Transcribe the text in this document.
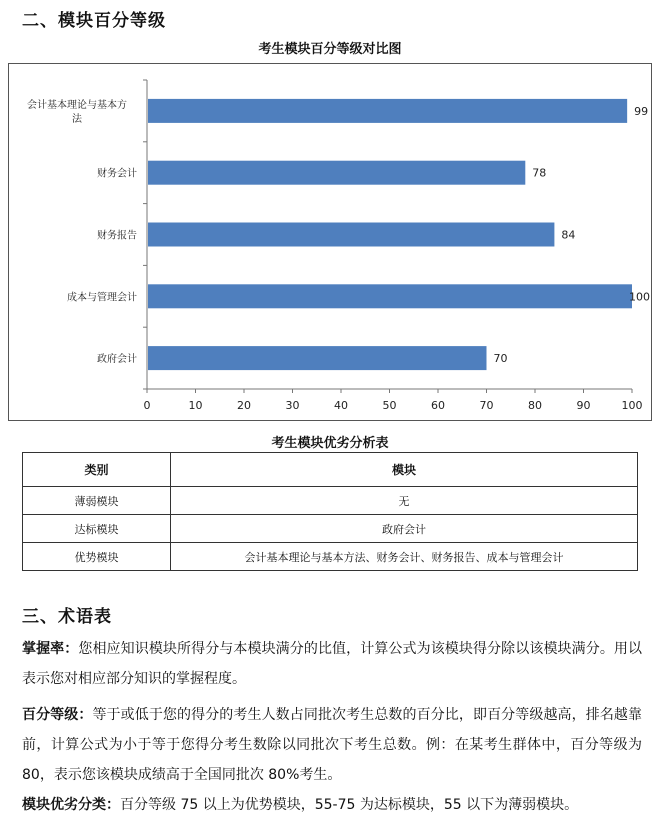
二、模块百分等级
考生模块百分等级对比图
0	10	20	30	40	50	60	70	80	90	100
99
会计基本理论与基本方法
78
财务会计
84
财务报告
100
成本与管理会计
70
政府会计
考生模块优劣分析表
类别	模块
薄弱模块	无
达标模块	政府会计
优势模块	会计基本理论与基本方法、财务会计、财务报告、成本与管理会计
三、术语表

掌握率：您相应知识模块所得分与本模块满分的比值，计算公式为该模块得分除以该模块满分。用以表示您对相应部分知识的掌握程度。

百分等级：等于或低于您的得分的考生人数占同批次考生总数的百分比，即百分等级越高，排名越靠前，计算公式为小于等于您得分考生数除以同批次下考生总数。例：在某考生群体中，百分等级为 80，表示您该模块成绩高于全国同批次 80%考生。

模块优劣分类：百分等级 75 以上为优势模块，55-75 为达标模块，55 以下为薄弱模块。
